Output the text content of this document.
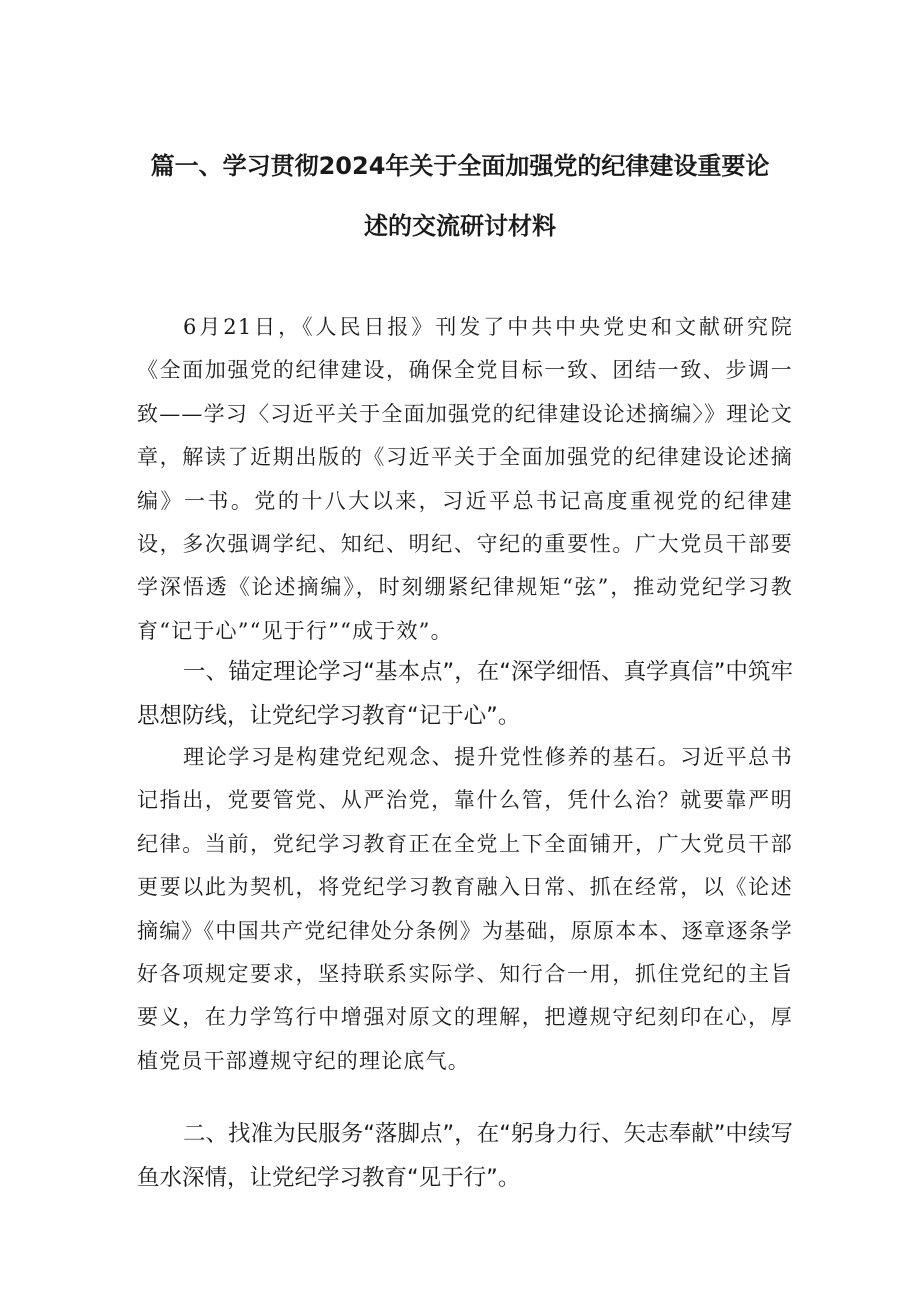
篇一、学习贯彻2024年关于全面加强党的纪律建设重要论
述的交流研讨材料

6月21日，《人民日报》刊发了中共中央党史和文献研究院《全面加强党的纪律建设，确保全党目标一致、团结一致、步调一致——学习〈习近平关于全面加强党的纪律建设论述摘编〉》理论文章，解读了近期出版的《习近平关于全面加强党的纪律建设论述摘编》一书。党的十八大以来，习近平总书记高度重视党的纪律建设，多次强调学纪、知纪、明纪、守纪的重要性。广大党员干部要学深悟透《论述摘编》，时刻绷紧纪律规矩“弦”，推动党纪学习教育“记于心”“见于行”“成于效”。

一、锚定理论学习“基本点”，在“深学细悟、真学真信”中筑牢思想防线，让党纪学习教育“记于心”。

理论学习是构建党纪观念、提升党性修养的基石。习近平总书记指出，党要管党、从严治党，靠什么管，凭什么治？就要靠严明纪律。当前，党纪学习教育正在全党上下全面铺开，广大党员干部更要以此为契机，将党纪学习教育融入日常、抓在经常，以《论述摘编》《中国共产党纪律处分条例》为基础，原原本本、逐章逐条学好各项规定要求，坚持联系实际学、知行合一用，抓住党纪的主旨要义，在力学笃行中增强对原文的理解，把遵规守纪刻印在心，厚植党员干部遵规守纪的理论底气。

二、找准为民服务“落脚点”，在“躬身力行、矢志奉献”中续写鱼水深情，让党纪学习教育“见于行”。
